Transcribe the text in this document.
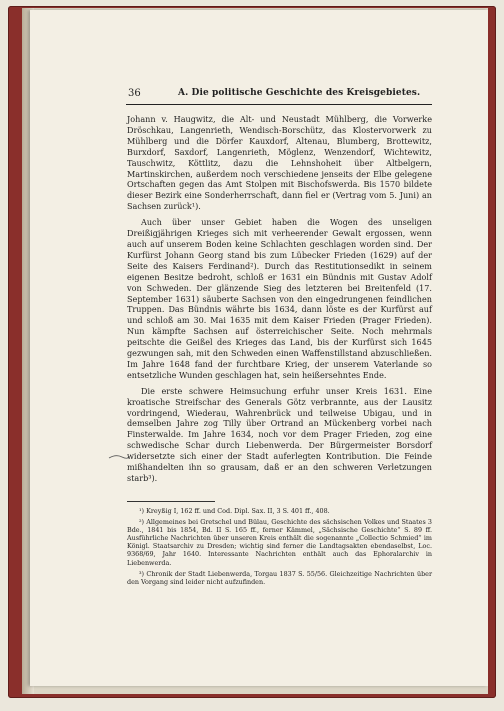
36	A. Die politische Geschichte des Kreisgebietes.

Johann v. Haugwitz, die Alt- und Neustadt Mühlberg, die Vorwerke Dröschkau, Langenrieth, Wendisch-Borschütz, das Klostervorwerk zu Mühlberg und die Dörfer Kauxdorf, Altenau, Blumberg, Brottewitz, Burxdorf, Saxdorf, Langenrieth, Möglenz, Wenzendorf, Wichtewitz, Tauschwitz, Köttlitz, dazu die Lehnshoheit über Altbelgern, Martinskirchen, außerdem noch verschiedene jenseits der Elbe gelegene Ortschaften gegen das Amt Stolpen mit Bischofswerda. Bis 1570 bildete dieser Bezirk eine Sonderherrschaft, dann fiel er (Vertrag vom 5. Juni) an Sachsen zurück¹).

Auch über unser Gebiet haben die Wogen des unseligen Dreißigjährigen Krieges sich mit verheerender Gewalt ergossen, wenn auch auf unserem Boden keine Schlachten geschlagen worden sind. Der Kurfürst Johann Georg stand bis zum Lübecker Frieden (1629) auf der Seite des Kaisers Ferdinand²). Durch das Restitutionsedikt in seinem eigenen Besitze bedroht, schloß er 1631 ein Bündnis mit Gustav Adolf von Schweden. Der glänzende Sieg des letzteren bei Breitenfeld (17. September 1631) säuberte Sachsen von den eingedrungenen feindlichen Truppen. Das Bündnis währte bis 1634, dann löste es der Kurfürst auf und schloß am 30. Mai 1635 mit dem Kaiser Frieden (Prager Frieden). Nun kämpfte Sachsen auf österreichischer Seite. Noch mehrmals peitschte die Geißel des Krieges das Land, bis der Kurfürst sich 1645 gezwungen sah, mit den Schweden einen Waffenstillstand abzuschließen. Im Jahre 1648 fand der furchtbare Krieg, der unserem Vaterlande so entsetzliche Wunden geschlagen hat, sein heißersehntes Ende.

Die erste schwere Heimsuchung erfuhr unser Kreis 1631. Eine kroatische Streifschar des Generals Götz verbrannte, aus der Lausitz vordringend, Wiederau, Wahrenbrück und teilweise Ubigau, und in demselben Jahre zog Tilly über Ortrand an Mückenberg vorbei nach Finsterwalde. Im Jahre 1634, noch vor dem Prager Frieden, zog eine schwedische Schar durch Liebenwerda. Der Bürgermeister Borsdorf widersetzte sich einer der Stadt auferlegten Kontribution. Die Feinde mißhandelten ihn so grausam, daß er an den schweren Verletzungen starb³).

¹) Kreyßig I, 162 ff. und Cod. Dipl. Sax. II, 3 S. 401 ff., 408.

²) Allgemeines bei Gretschel und Bülau, Geschichte des sächsischen Volkes und Staates 3 Bde., 1841 bis 1854, Bd. II S. 165 ff., ferner Kämmel, „Sächsische Geschichte“ S. 89 ff. Ausführliche Nachrichten über unseren Kreis enthält die sogenannte „Collectio Schmied“ im Königl. Staatsarchiv zu Dresden; wichtig sind ferner die Landtagsakten ebendaselbst, Loc. 9368/69, Jahr 1640. Interessante Nachrichten enthält auch das Ephoralarchiv in Liebenwerda.

³) Chronik der Stadt Liebenwerda, Torgau 1837 S. 55/56. Gleichzeitige Nachrichten über den Vorgang sind leider nicht aufzufinden.
